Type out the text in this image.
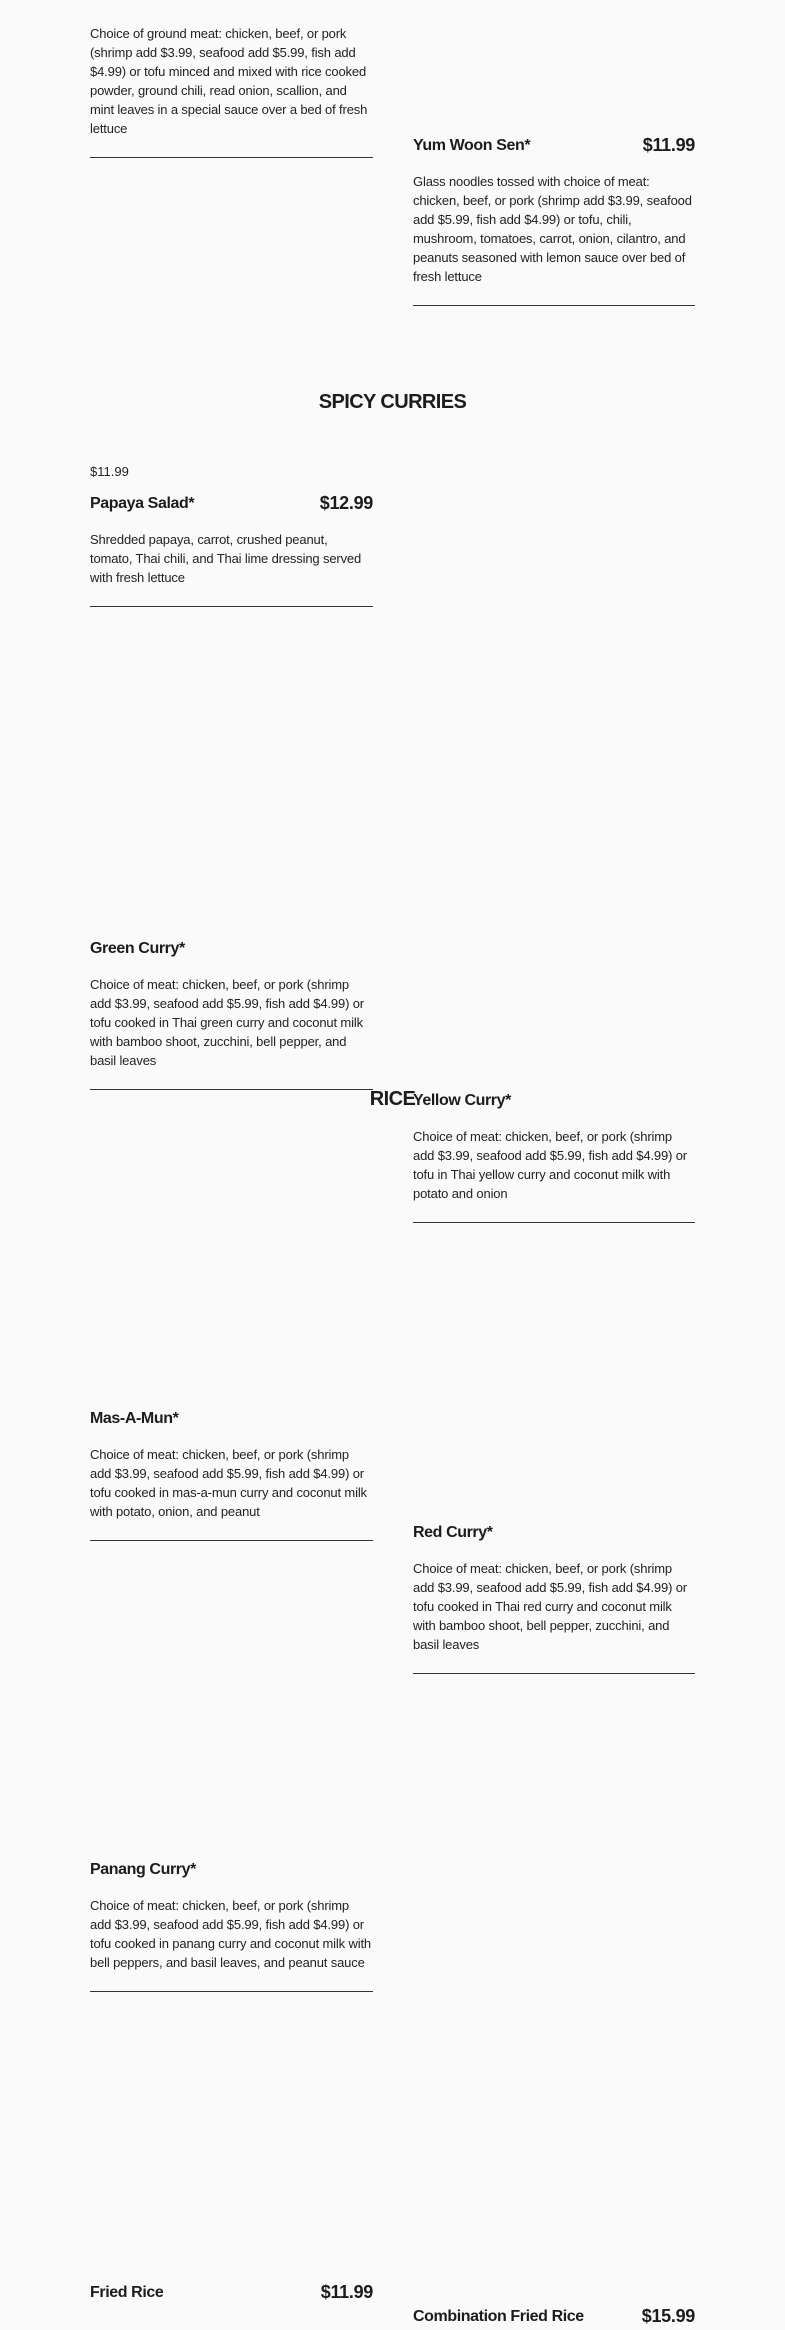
Choice of ground meat: chicken, beef, or pork (shrimp add $3.99, seafood add $5.99, fish add $4.99) or tofu minced and mixed with rice cooked powder, ground chili, read onion, scallion, and mint leaves in a special sauce over a bed of fresh lettuce
Yum Woon Sen*	$11.99
Glass noodles tossed with choice of meat: chicken, beef, or pork (shrimp add $3.99, seafood add $5.99, fish add $4.99) or tofu, chili, mushroom, tomatoes, carrot, onion, cilantro, and peanuts seasoned with lemon sauce over bed of fresh lettuce
Papaya Salad*	$12.99
Shredded papaya, carrot, crushed peanut, tomato, Thai chili, and Thai lime dressing served with fresh lettuce
SPICY CURRIES
$11.99
Green Curry*
Choice of meat: chicken, beef, or pork (shrimp add $3.99, seafood add $5.99, fish add $4.99) or tofu cooked in Thai green curry and coconut milk with bamboo shoot, zucchini, bell pepper, and basil leaves
Yellow Curry*
Choice of meat: chicken, beef, or pork (shrimp add $3.99, seafood add $5.99, fish add $4.99) or tofu in Thai yellow curry and coconut milk with potato and onion
Mas-A-Mun*
Choice of meat: chicken, beef, or pork (shrimp add $3.99, seafood add $5.99, fish add $4.99) or tofu cooked in mas-a-mun curry and coconut milk with potato, onion, and peanut
Red Curry*
Choice of meat: chicken, beef, or pork (shrimp add $3.99, seafood add $5.99, fish add $4.99) or tofu cooked in Thai red curry and coconut milk with bamboo shoot, bell pepper, zucchini, and basil leaves
Panang Curry*
Choice of meat: chicken, beef, or pork (shrimp add $3.99, seafood add $5.99, fish add $4.99) or tofu cooked in panang curry and coconut milk with bell peppers, and basil leaves, and peanut sauce
RICE
Fried Rice	$11.99
Combination Fried Rice	$15.99
